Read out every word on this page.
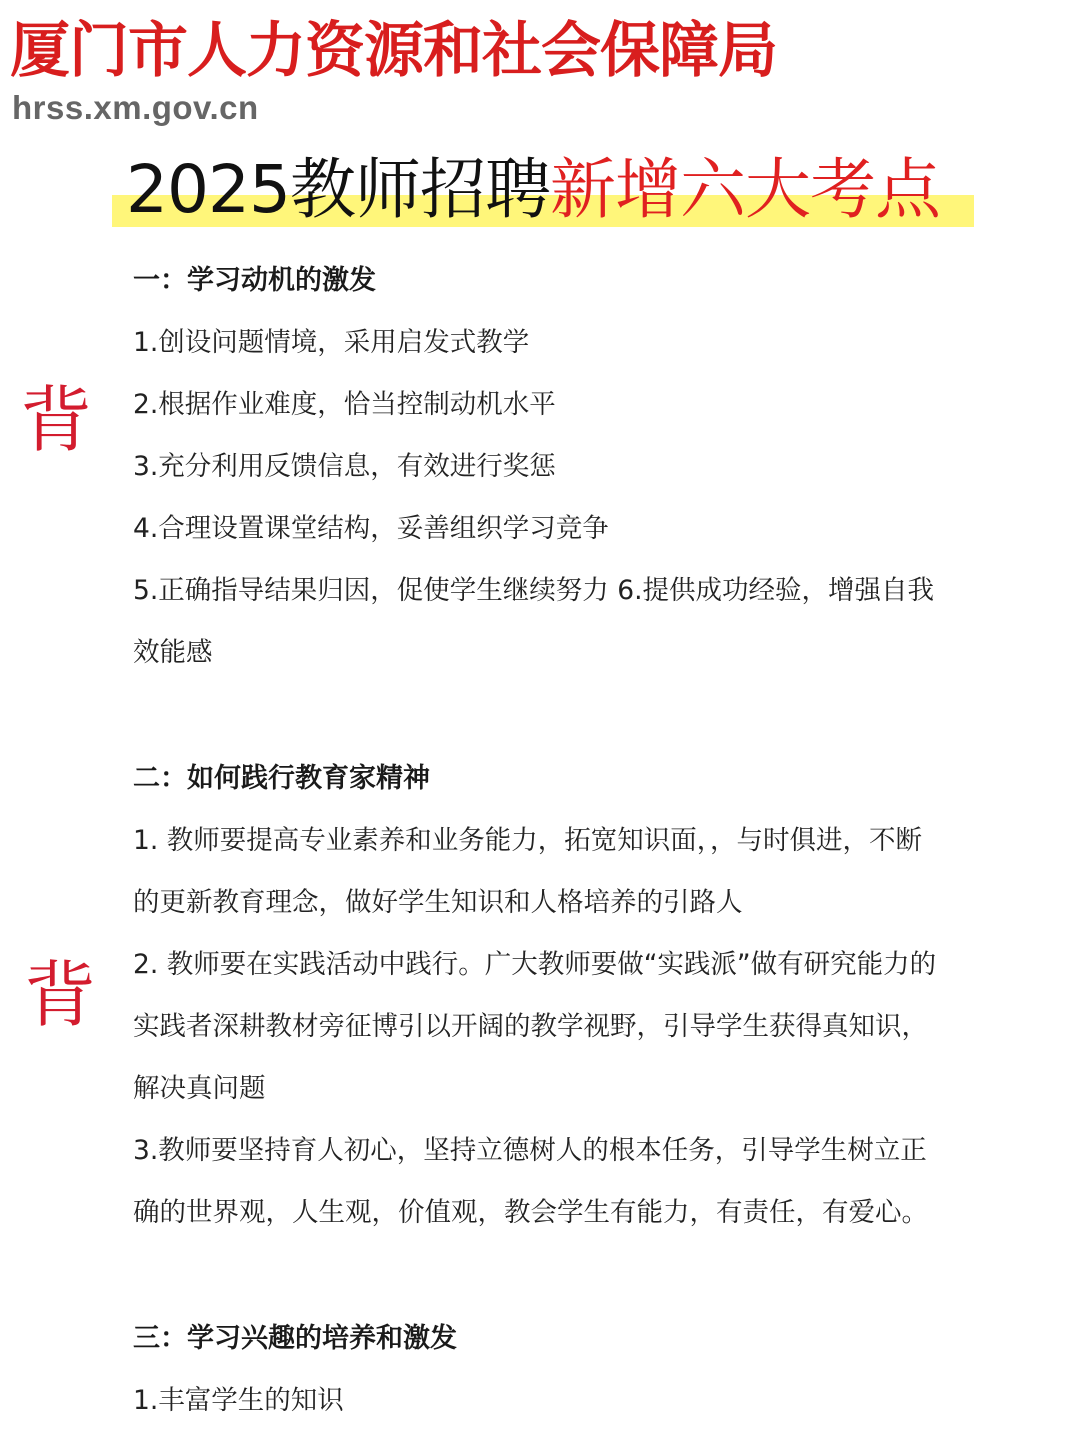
厦门市人力资源和社会保障局
hrss.xm.gov.cn
2025教师招聘新增六大考点
背
背
一：学习动机的激发
1.创设问题情境，采用启发式教学
2.根据作业难度，恰当控制动机水平
3.充分利用反馈信息，有效进行奖惩
4.合理设置课堂结构，妥善组织学习竞争
5.正确指导结果归因，促使学生继续努力 6.提供成功经验，增强自我
效能感
二：如何践行教育家精神
1. 教师要提高专业素养和业务能力，拓宽知识面，，与时俱进，不断
的更新教育理念，做好学生知识和人格培养的引路人
2. 教师要在实践活动中践行。广大教师要做“实践派”做有研究能力的
实践者深耕教材旁征博引以开阔的教学视野，引导学生获得真知识，
解决真问题
3.教师要坚持育人初心，坚持立德树人的根本任务，引导学生树立正
确的世界观，人生观，价值观，教会学生有能力，有责任，有爱心。
三：学习兴趣的培养和激发
1.丰富学生的知识
